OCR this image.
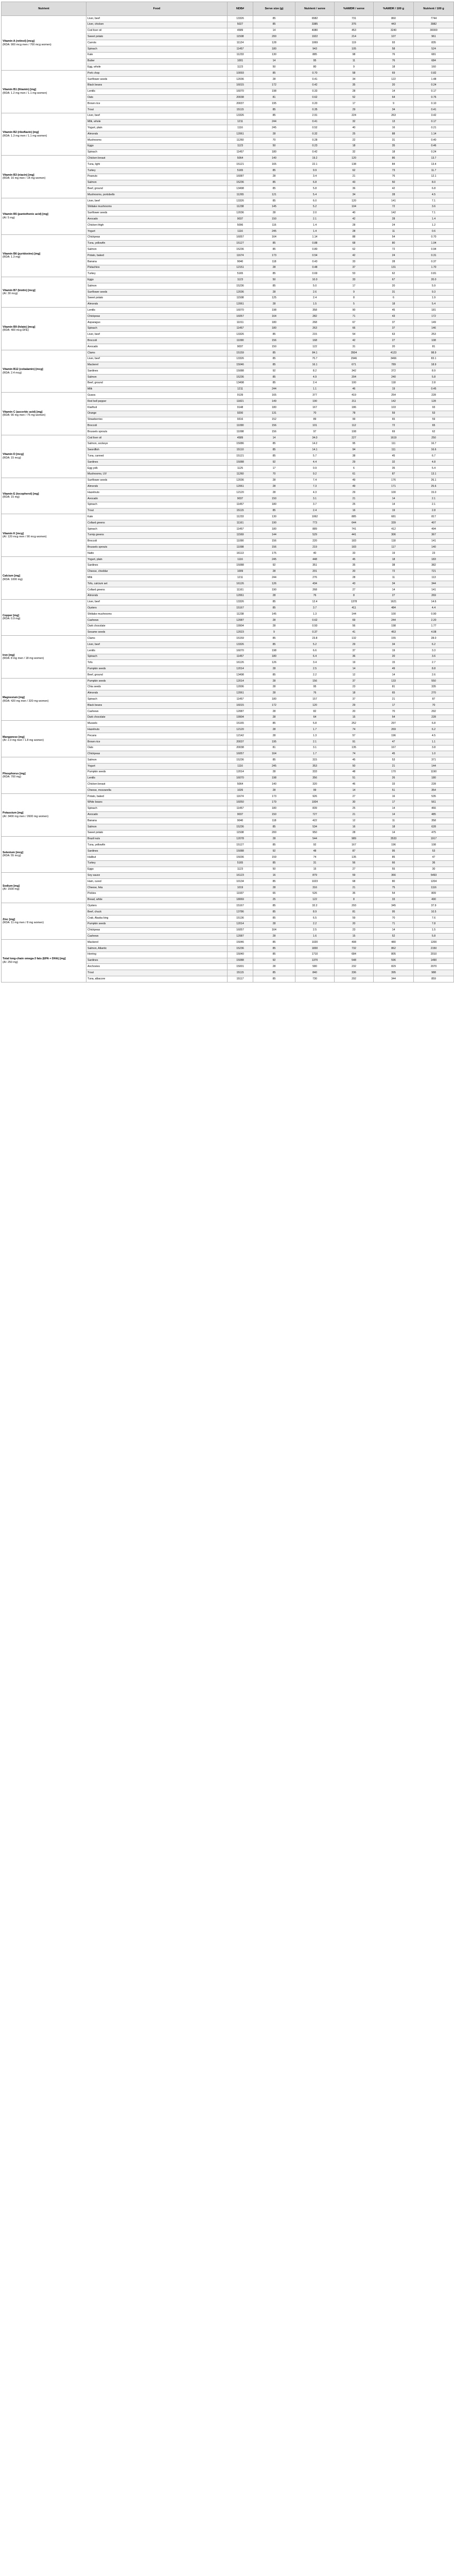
Nutrient	Food	NDB#	Serve size (g)	Nutrient / serve	%AMDR / serve	%AMDR / 100 g	Nutrient / 100 g
Vitamin A (retinol) [mcg]
(RDA: 900 mcg men / 700 mcg women)	Liver, beef	13326	85	6582	731	860	7744
	Liver, chicken	5027	85	3385	376	443	3982
	Cod liver oil	4589	14	4080	453	3240	30000
	Sweet potato	11508	200	1922	214	107	961
	Carrots	11124	128	1069	119	93	835
	Spinach	11457	180	943	105	58	524
	Kale	11233	130	885	98	76	681
	Butter	1001	14	95	11	76	684
	Egg, whole	1123	50	80	9	18	160
Vitamin B1 (thiamin) [mg]
(RDA: 1.2 mg men / 1.1 mg women)	Pork chop	10093	85	0.70	58	69	0.82
	Sunflower seeds	12036	28	0.41	34	122	1.48
	Black beans	16015	172	0.42	35	20	0.24
	Lentils	16070	198	0.33	28	14	0.17
	Oats	20038	81	0.62	52	64	0.76
	Brown rice	20037	195	0.20	17	9	0.10
	Trout	15115	85	0.35	29	34	0.41
Vitamin B2 (riboflavin) [mg]
(RDA: 1.3 mg men / 1.1 mg women)	Liver, beef	13326	85	2.91	224	263	3.42
	Milk, whole	1211	244	0.41	32	13	0.17
	Yogurt, plain	1116	245	0.52	40	16	0.21
	Almonds	12061	28	0.32	25	88	1.14
	Mushrooms	11260	70	0.28	22	31	0.40
	Eggs	1123	50	0.23	18	35	0.46
	Spinach	11457	180	0.42	32	18	0.24
Vitamin B3 (niacin) [mg]
(RDA: 16 mg men / 14 mg women)	Chicken breast	5064	140	19.2	120	86	13.7
	Tuna, light	15121	165	22.1	138	84	13.4
	Turkey	5165	85	9.9	62	73	11.7
	Peanuts	16087	28	3.4	21	76	12.1
	Salmon	15236	85	6.8	43	50	8.0
	Beef, ground	13498	85	5.8	36	42	6.8
	Mushrooms, portobello	11265	121	5.4	34	28	4.5
Vitamin B5 (pantothenic acid) [mg]
(AI: 5 mg)	Liver, beef	13326	85	6.0	120	141	7.1
	Shiitake mushrooms	11238	145	5.2	104	72	3.6
	Sunflower seeds	12036	28	2.0	40	142	7.1
	Avocado	9037	150	2.1	42	28	1.4
	Chicken thigh	5096	116	1.4	28	24	1.2
	Yogurt	1116	245	1.4	28	11	0.6
Vitamin B6 (pyridoxine) [mg]
(RDA: 1.3 mg)	Chickpeas	16057	164	1.14	88	54	0.70
	Tuna, yellowfin	15127	85	0.88	68	80	1.04
	Salmon	15236	85	0.80	62	72	0.94
	Potato, baked	11674	173	0.54	42	24	0.31
	Banana	9040	118	0.43	33	28	0.37
	Pistachios	12151	28	0.48	37	131	1.70
	Turkey	5165	85	0.69	53	62	0.81
Vitamin B7 (biotin) [mcg]
(AI: 30 mcg)	Eggs	1123	50	10.0	33	67	20.0
	Salmon	15236	85	5.0	17	20	5.9
	Sunflower seeds	12036	28	2.6	9	31	9.3
	Sweet potato	11508	125	2.4	8	6	1.9
	Almonds	12061	28	1.5	5	18	5.4
Vitamin B9 (folate) [mcg]
(RDA: 400 mcg DFE)	Lentils	16070	198	358	90	45	181
	Chickpeas	16057	164	282	71	43	172
	Asparagus	11011	180	268	67	37	149
	Spinach	11457	180	263	66	37	146
	Liver, beef	13326	85	215	54	63	253
	Broccoli	11090	156	168	42	27	108
	Avocado	9037	150	122	31	20	81
Vitamin B12 (cobalamin) [mcg]
(RDA: 2.4 mcg)	Clams	15159	85	84.1	3504	4123	98.9
	Liver, beef	13326	85	70.7	2946	3466	83.1
	Mackerel	15046	85	16.1	671	789	18.9
	Sardines	15088	92	8.2	342	372	8.9
	Salmon	15236	85	4.9	204	240	5.8
	Beef, ground	13498	85	2.4	100	118	2.8
	Milk	1211	244	1.1	46	19	0.45
Vitamin C (ascorbic acid) [mg]
(RDA: 90 mg men / 75 mg women)	Guava	9139	165	377	419	254	228
	Red bell pepper	11821	149	190	211	142	128
	Kiwifruit	9148	180	167	186	103	93
	Orange	9200	131	70	78	59	53
	Strawberries	9316	152	89	99	65	59
	Broccoli	11090	156	101	112	72	65
	Brussels sprouts	11098	156	97	108	69	62
Vitamin D [mcg]
(RDA: 15 mcg)	Cod liver oil	4589	14	34.0	227	1619	250
	Salmon, sockeye	15086	85	14.2	95	111	16.7
	Swordfish	15110	85	14.1	94	111	16.6
	Tuna, canned	15121	85	5.7	38	45	6.7
	Sardines	15088	92	4.4	29	32	4.8
	Egg yolk	1125	17	0.9	6	35	5.4
	Mushrooms, UV	11260	70	9.2	61	87	13.1
Vitamin E (tocopherol) [mg]
(RDA: 15 mg)	Sunflower seeds	12036	28	7.4	49	176	26.1
	Almonds	12061	28	7.3	49	171	25.6
	Hazelnuts	12120	28	4.3	29	100	15.0
	Avocado	9037	150	3.1	21	14	2.1
	Spinach	11457	180	3.7	25	14	2.1
	Trout	15115	85	2.4	16	19	2.8
Vitamin K [mcg]
(AI: 120 mcg men / 90 mcg women)	Kale	11233	130	1062	885	681	817
	Collard greens	11161	190	773	644	339	407
	Spinach	11457	180	889	741	412	494
	Turnip greens	11569	144	529	441	306	367
	Broccoli	11090	156	220	183	118	141
	Brussels sprouts	11098	156	219	183	117	140
	Natto	16113	175	40	33	19	23
Calcium [mg]
(RDA: 1000 mg)	Yogurt, plain	1116	245	448	45	18	183
	Sardines	15088	92	351	35	38	382
	Cheese, cheddar	1009	28	201	20	72	721
	Milk	1211	244	276	28	11	113
	Tofu, calcium set	16126	126	434	43	34	344
	Collard greens	11161	190	268	27	14	141
	Almonds	12061	28	76	8	27	269
Copper [mg]
(RDA: 0.9 mg)	Liver, beef	13326	85	12.4	1378	1621	14.6
	Oysters	15167	85	3.7	411	484	4.4
	Shiitake mushrooms	11238	145	1.3	144	100	0.90
	Cashews	12087	28	0.62	69	244	2.20
	Dark chocolate	19904	28	0.50	56	198	1.77
	Sesame seeds	12023	9	0.37	41	453	4.08
Iron [mg]
(RDA: 8 mg men / 18 mg women)	Clams	15159	85	23.8	132	155	28.0
	Liver, beef	13326	85	5.2	29	34	6.2
	Lentils	16070	198	6.6	37	19	3.3
	Spinach	11457	180	6.4	36	20	3.6
	Tofu	16126	126	3.4	19	15	2.7
	Pumpkin seeds	12014	28	2.5	14	49	8.8
	Beef, ground	13498	85	2.2	12	14	2.6
Magnesium [mg]
(RDA: 420 mg men / 320 mg women)	Pumpkin seeds	12014	28	156	37	133	550
	Chia seeds	12006	28	95	23	81	335
	Almonds	12061	28	76	18	65	270
	Spinach	11457	180	157	37	21	87
	Black beans	16015	172	120	29	17	70
	Cashews	12087	28	82	20	70	292
	Dark chocolate	19904	28	64	15	54	228
Manganese [mg]
(AI: 2.3 mg men / 1.8 mg women)	Mussels	15165	85	5.8	252	297	6.8
	Hazelnuts	12120	28	1.7	74	269	6.2
	Pecans	12142	28	1.3	57	196	4.5
	Brown rice	20037	195	2.1	91	47	1.1
	Oats	20038	81	3.1	135	167	3.8
	Chickpeas	16057	164	1.7	74	45	1.0
Phosphorus [mg]
(RDA: 700 mg)	Salmon	15236	85	315	45	53	371
	Yogurt	1116	245	353	50	21	144
	Pumpkin seeds	12014	28	333	48	170	1190
	Lentils	16070	198	356	51	26	180
	Chicken breast	5064	140	320	46	33	228
	Cheese, mozzarella	1026	28	99	14	51	354
Potassium [mg]
(AI: 3400 mg men / 2600 mg women)	Potato, baked	11674	173	926	27	16	535
	White beans	16050	179	1004	30	17	561
	Spinach	11457	180	839	25	14	466
	Avocado	9037	150	727	21	14	485
	Banana	9040	118	422	12	11	358
	Salmon	15236	85	534	16	18	628
	Sweet potato	11508	200	950	28	14	475
Selenium [mcg]
(RDA: 55 mcg)	Brazil nuts	12078	28	544	989	3533	1917
	Tuna, yellowfin	15127	85	92	167	196	108
	Sardines	15088	92	48	87	95	53
	Halibut	15036	159	74	135	85	47
	Turkey	5165	85	31	56	66	36
	Eggs	1123	50	15	27	55	30
Sodium [mg]
(AI: 1500 mg)	Soy sauce	16123	16	879	59	366	5493
	Ham, cured	10134	85	1023	68	80	1204
	Cheese, feta	1019	28	316	21	75	1116
	Pickles	11937	65	526	35	54	809
	Bread, white	18069	25	122	8	33	490
Zinc [mg]
(RDA: 11 mg men / 8 mg women)	Oysters	15167	85	32.2	293	345	37.9
	Beef, chuck	13786	85	8.9	81	95	10.5
	Crab, Alaska king	15136	85	6.5	59	70	7.6
	Pumpkin seeds	12014	28	2.2	20	71	7.8
	Chickpeas	16057	164	2.5	23	14	1.5
	Cashews	12087	28	1.6	15	52	5.8
Total long-chain omega-3 fats (EPA + DHA) [mg]
(AI: 250 mg)	Mackerel	15046	85	1020	408	480	1200
	Salmon, Atlantic	15236	85	1830	732	862	2150
	Herring	15040	85	1710	684	805	2010
	Sardines	15088	92	1370	548	596	1490
	Anchovies	15001	28	580	232	829	2070
	Trout	15115	85	840	336	395	988
	Tuna, albacore	15117	85	730	292	344	859
